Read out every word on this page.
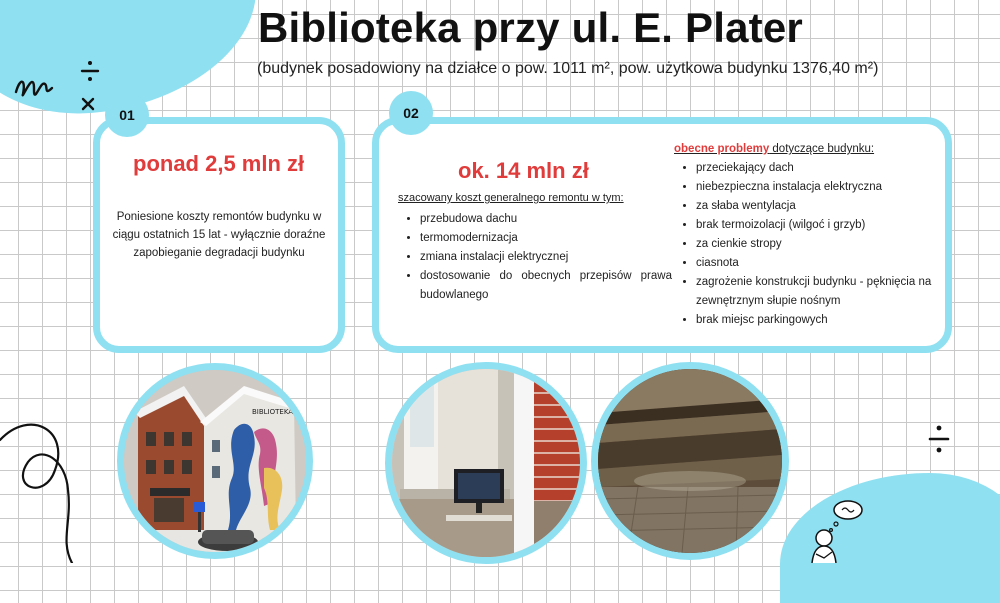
Biblioteka przy ul. E. Plater
(budynek posadowiony na działce o pow. 1011 m², pow. użytkowa budynku 1376,40 m²)
01
ponad 2,5 mln zł
Poniesione koszty remontów budynku w ciągu ostatnich 15 lat - wyłącznie doraźne zapobieganie degradacji budynku
02
ok. 14 mln zł
szacowany koszt generalnego remontu w tym:
• przebudowa dachu
• termomodernizacja
• zmiana instalacji elektrycznej
• dostosowanie do obecnych przepisów prawa budowlanego
obecne problemy dotyczące budynku:
• przeciekający dach
• niebezpieczna instalacja elektryczna
• za słaba wentylacja
• brak termoizolacji (wilgoć i grzyb)
• za cienkie stropy
• ciasnota
• zagrożenie konstrukcji budynku - pęknięcia na zewnętrznym słupie nośnym
• brak miejsc parkingowych
BIBLIOTEKA
